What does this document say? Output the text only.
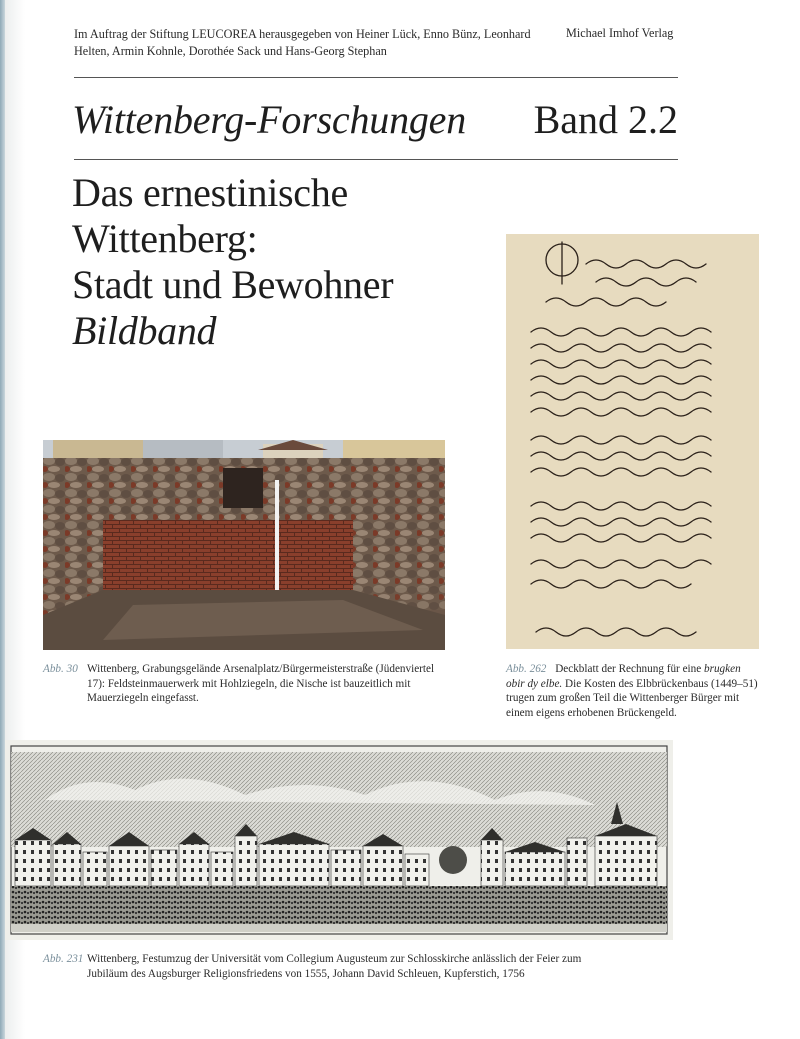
Im Auftrag der Stiftung LEUCOREA herausgegeben von Heiner Lück, Enno Bünz, Leonhard Helten, Armin Kohnle, Dorothée Sack und Hans-Georg Stephan
Michael Imhof Verlag
Wittenberg-Forschungen Band 2.2
Das ernestinische
Wittenberg:
Stadt und Bewohner
Bildband
Abb. 30 Wittenberg, Grabungsgelände Arsenalplatz/Bürgermeisterstraße (Jüdenviertel 17): Feldsteinmauerwerk mit Hohlziegeln, die Nische ist bauzeitlich mit Mauerziegeln eingefasst.
Abb. 262 Deckblatt der Rechnung für eine brugken obir dy elbe. Die Kosten des Elbbrückenbaus (1449–51) trugen zum großen Teil die Wittenberger Bürger mit einem eigens erhobenen Brückengeld.
Abb. 231 Wittenberg, Festumzug der Universität vom Collegium Augusteum zur Schlosskirche anlässlich der Feier zum Jubiläum des Augsburger Religionsfriedens von 1555, Johann David Schleuen, Kupferstich, 1756
